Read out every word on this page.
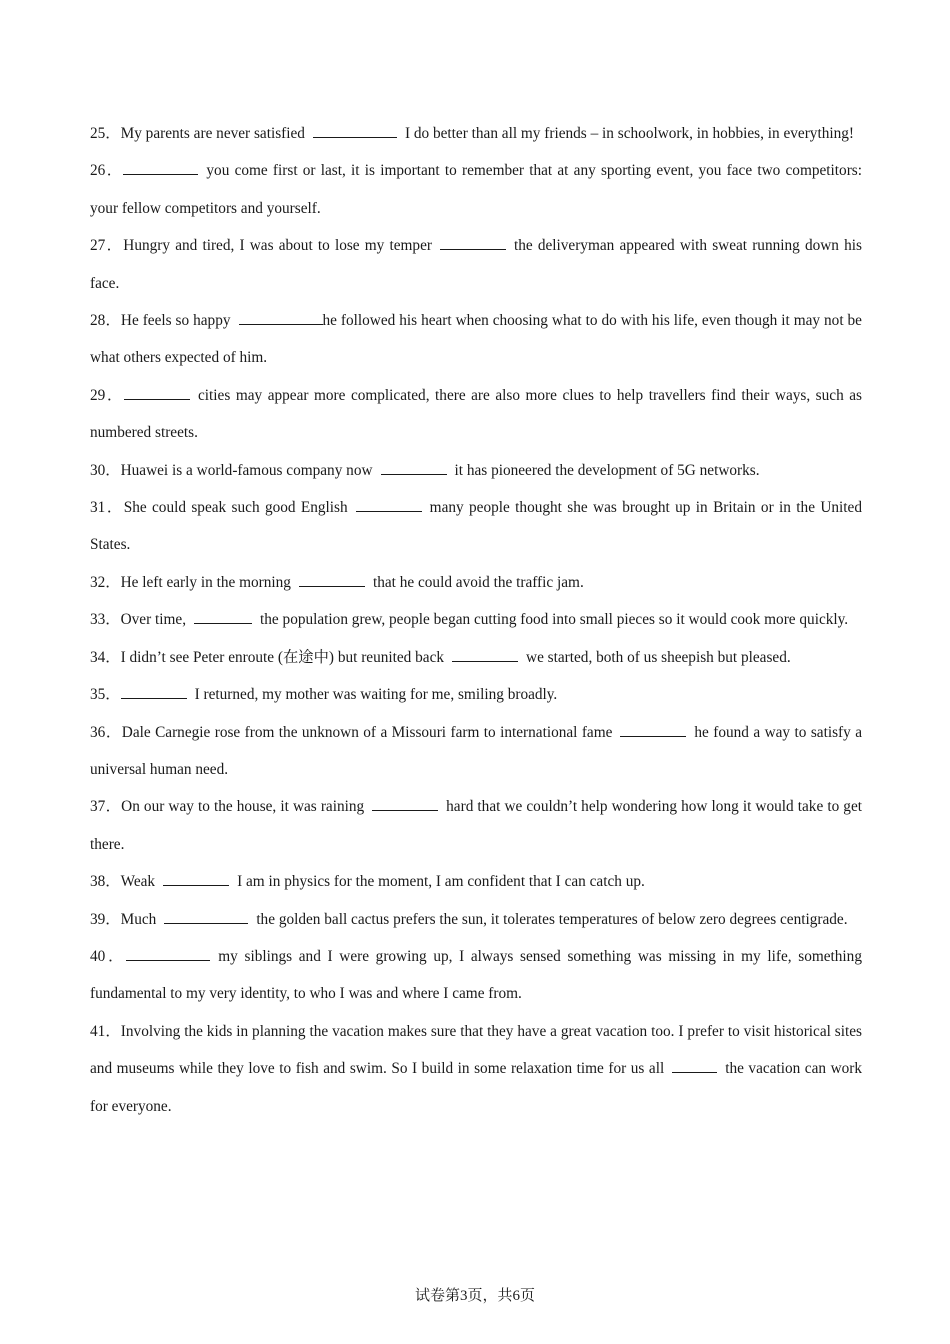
25．My parents are never satisfied	I do better than all my friends – in schoolwork, in hobbies, in everything!

26．	you come first or last, it is important to remember that at any sporting event, you face two competitors: your fellow competitors and yourself.

27．Hungry and tired, I was about to lose my temper	the deliveryman appeared with sweat running down his face.

28．He feels so happy	he followed his heart when choosing what to do with his life, even though it may not be what others expected of him.

29．	cities may appear more complicated, there are also more clues to help travellers find their ways, such as numbered streets.

30．Huawei is a world-famous company now	it has pioneered the development of 5G networks.

31．She could speak such good English	many people thought she was brought up in Britain or in the United States.

32．He left early in the morning	that he could avoid the traffic jam.

33．Over time,	the population grew, people began cutting food into small pieces so it would cook more quickly.

34．I didn’t see Peter enroute (在途中) but reunited back	we started, both of us sheepish but pleased.

35．	I returned, my mother was waiting for me, smiling broadly.

36．Dale Carnegie rose from the unknown of a Missouri farm to international fame	he found a way to satisfy a universal human need.

37．On our way to the house, it was raining	hard that we couldn’t help wondering how long it would take to get there.

38．Weak	I am in physics for the moment, I am confident that I can catch up.

39．Much	the golden ball cactus prefers the sun, it tolerates temperatures of below zero degrees centigrade.

40．	my siblings and I were growing up, I always sensed something was missing in my life, something fundamental to my very identity, to who I was and where I came from.

41．Involving the kids in planning the vacation makes sure that they have a great vacation too. I prefer to visit historical sites and museums while they love to fish and swim. So I build in some relaxation time for us all	the vacation can work for everyone.

试卷第3页，共6页
